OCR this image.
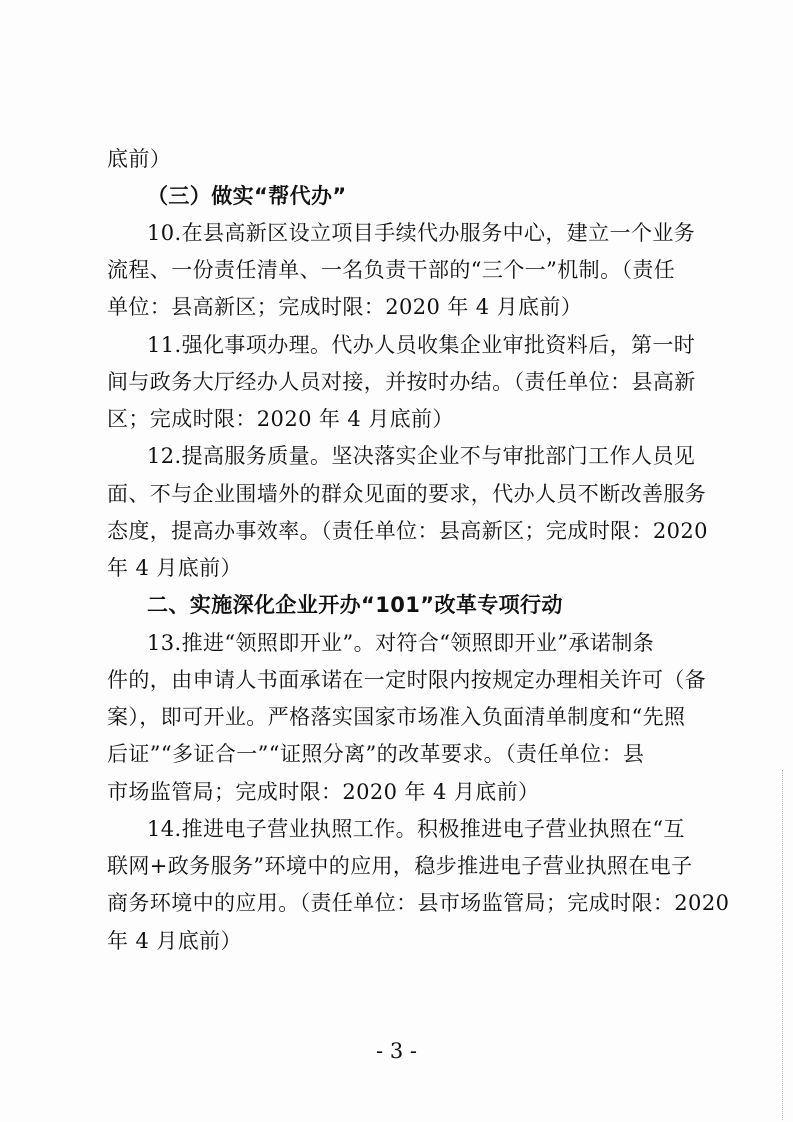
底前）
（三）做实“帮代办”
10.在县高新区设立项目手续代办服务中心，建立一个业务
流程、一份责任清单、一名负责干部的“三个一”机制。（责任
单位：县高新区；完成时限：2020 年 4 月底前）
11.强化事项办理。代办人员收集企业审批资料后，第一时
间与政务大厅经办人员对接，并按时办结。（责任单位：县高新
区；完成时限：2020 年 4 月底前）
12.提高服务质量。坚决落实企业不与审批部门工作人员见
面、不与企业围墙外的群众见面的要求，代办人员不断改善服务
态度，提高办事效率。（责任单位：县高新区；完成时限：2020
年 4 月底前）
二、实施深化企业开办“101”改革专项行动
13.推进“领照即开业”。对符合“领照即开业”承诺制条
件的，由申请人书面承诺在一定时限内按规定办理相关许可（备
案），即可开业。严格落实国家市场准入负面清单制度和“先照
后证”“多证合一”“证照分离”的改革要求。（责任单位：县
市场监管局；完成时限：2020 年 4 月底前）
14.推进电子营业执照工作。积极推进电子营业执照在“互
联网+政务服务”环境中的应用，稳步推进电子营业执照在电子
商务环境中的应用。（责任单位：县市场监管局；完成时限：2020
年 4 月底前）
- 3 -
